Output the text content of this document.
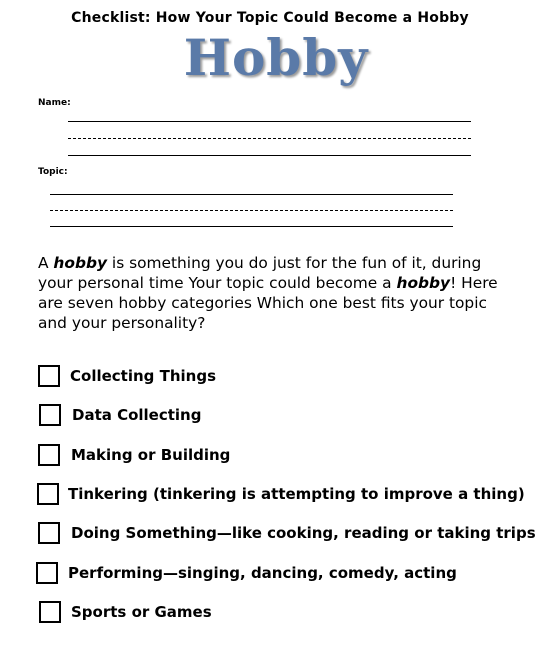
Checklist: How Your Topic Could Become a Hobby
Hobby
Name:
Topic:

A hobby is something you do just for the fun of it, during your personal time Your topic could become a hobby! Here are seven hobby categories Which one best fits your topic and your personality?

Collecting Things
Data Collecting
Making or Building
Tinkering (tinkering is attempting to improve a thing)
Doing Something—like cooking, reading or taking trips
Performing—singing, dancing, comedy, acting
Sports or Games
